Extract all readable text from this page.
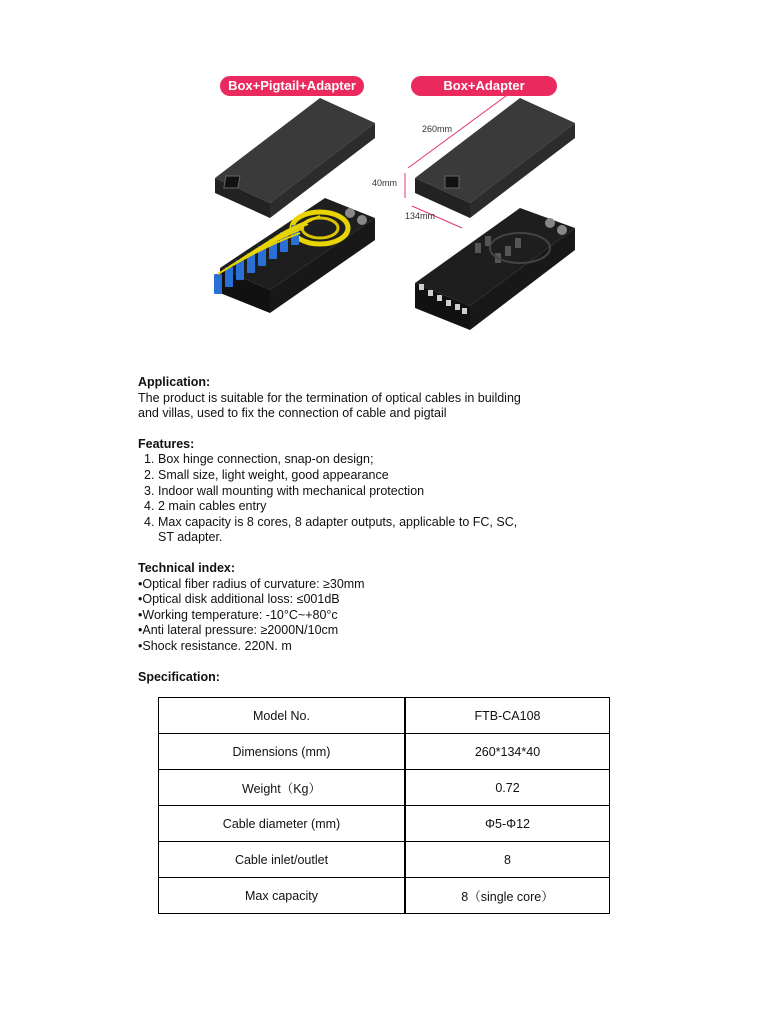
Box+Pigtail+Adapter	Box+Adapter
260mm
40mm
134mm

Application:

The product is suitable for the termination of optical cables in building

and villas, used to fix the connection of cable and pigtail

Features:

1. Box hinge connection, snap-on design;
2. Small size, light weight, good appearance
3. Indoor wall mounting with mechanical protection
4. 2 main cables entry
4. Max capacity is 8 cores, 8 adapter outputs, applicable to FC, SC,
ST adapter.

Technical index:

•Optical fiber radius of curvature: ≥30mm

•Optical disk additional loss: ≤001dB

•Working temperature: -10°C~+80°c

•Anti lateral pressure: ≥2000N/10cm

•Shock resistance. 220N. m

Specification:

Model No.	FTB-CA108
Dimensions (mm)	260*134*40
Weight（Kg）	0.72
Cable diameter (mm)	Φ5-Φ12
Cable inlet/outlet	8
Max capacity	8（single core）
